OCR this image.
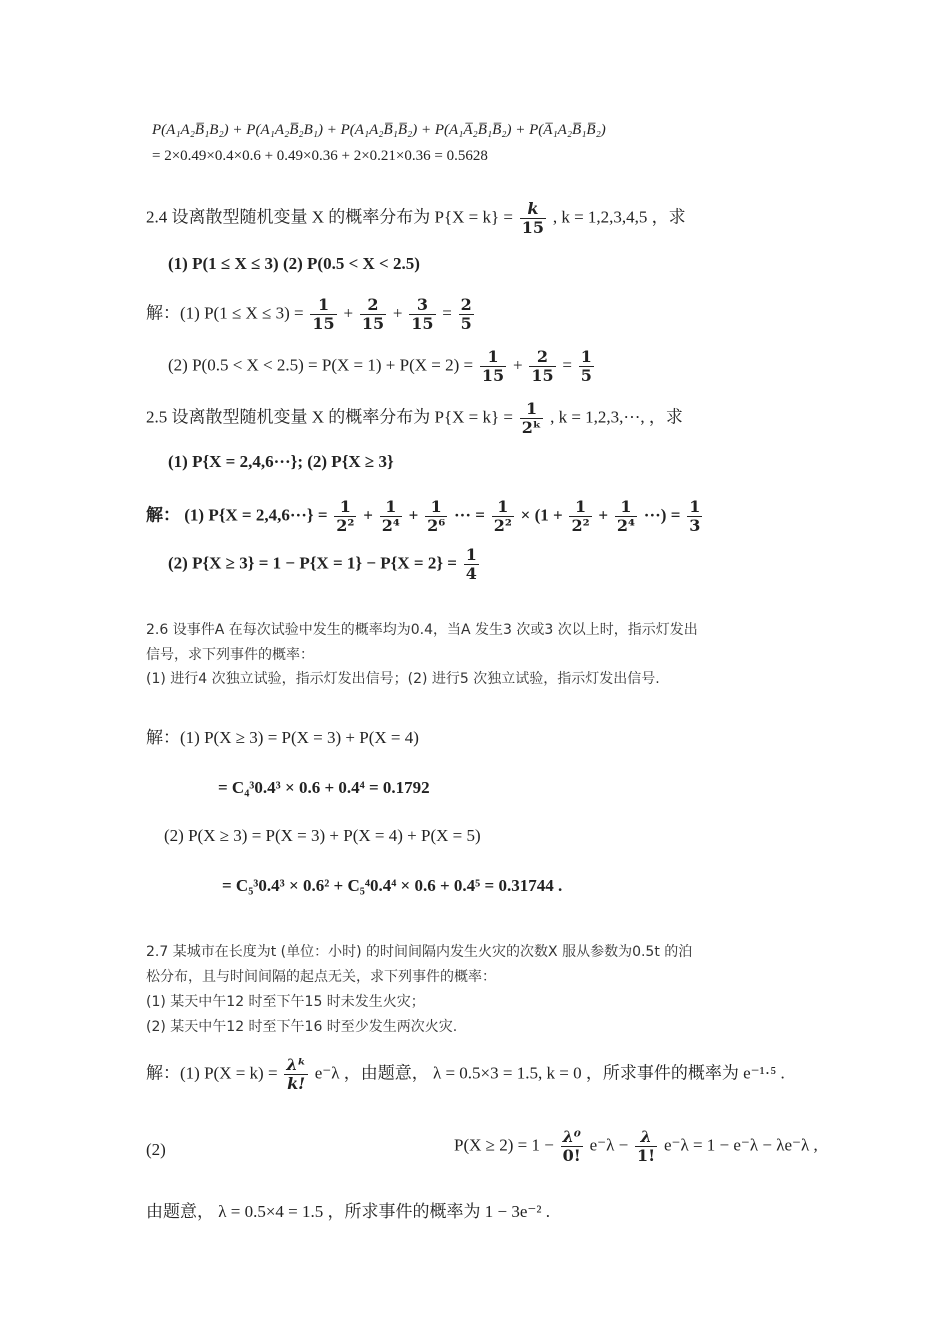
P(A₁A₂B̅₁B₂) + P(A₁A₂B̅₂B₁) + P(A₁A₂B̅₁B̅₂) + P(A₁A̅₂B̅₁B̅₂) + P(A̅₁A₂B̅₁B̅₂)
= 2×0.49×0.4×0.6 + 0.49×0.36 + 2×0.21×0.36 = 0.5628
2.4 设离散型随机变量 X 的概率分布为 $P\{X = k\} = \frac{k}{15}$ , k = 1,2,3,4,5 ，求
(1) P(1 ≤ X ≤ 3) (2) P(0.5 < X < 2.5)
解：(1) $P(1 \le X \le 3) = \frac{1}{15} + \frac{2}{15} + \frac{3}{15} = \frac{2}{5}$
(2) $P(0.5 < X < 2.5) = P(X = 1) + P(X = 2) = \frac{1}{15} + \frac{2}{15} = \frac{1}{5}$
2.5 设离散型随机变量 X 的概率分布为 $P\{X = k\} = \frac{1}{\text{2ᵏ}}$ , k = 1,2,3,···, ，求
(1) P{X = 2,4,6···}; (2) P{X ≥ 3}
解： (1) $P\{X = 2,4,6\cdot\cdot\cdot\} = \frac{1}{\text{2²}} + \frac{1}{\text{2⁴}} + \frac{1}{\text{2⁶}}$ ··· = $\frac{1}{\text{2²}} \times (1 + \frac{1}{\text{2²}} + \frac{1}{\text{2⁴}}$ ···) = $\frac{1}{3}$
(2) $P\{X \ge 3\} = 1 - P\{X = 1\} - P\{X = 2\} = \frac{1}{4}$
2.6 设事件A 在每次试验中发生的概率均为0.4，当A 发生3 次或3 次以上时，指示灯发出
信号，求下列事件的概率：
(1) 进行4 次独立试验，指示灯发出信号；(2) 进行5 次独立试验，指示灯发出信号.
解：(1) P(X ≥ 3) = P(X = 3) + P(X = 4)
= C₄³0.4³ × 0.6 + 0.4⁴ = 0.1792
(2) P(X ≥ 3) = P(X = 3) + P(X = 4) + P(X = 5)
= C₅³0.4³ × 0.6² + C₅⁴0.4⁴ × 0.6 + 0.4⁵ = 0.31744 .
2.7 某城市在长度为t (单位：小时) 的时间间隔内发生火灾的次数X 服从参数为0.5t 的泊
松分布，且与时间间隔的起点无关，求下列事件的概率：
(1) 某天中午12 时至下午15 时未发生火灾；
(2) 某天中午12 时至下午16 时至少发生两次火灾.
解：(1) $P(X = k) = \frac{\text{λᵏ}}{k!} e^-\lambda$ ，由题意， λ = 0.5×3 = 1.5, k = 0 ，所求事件的概率为 e⁻¹·⁵ .
(2)	$P(X \ge 2) = 1 - \frac{\text{λ⁰}}{0!} e^-\lambda - \frac{\lambda}{1!} e^-\lambda = 1 - e^-\lambda - \lambda e^-\lambda$ ,
由题意， λ = 0.5×4 = 1.5 ，所求事件的概率为 1 − 3e⁻² .
